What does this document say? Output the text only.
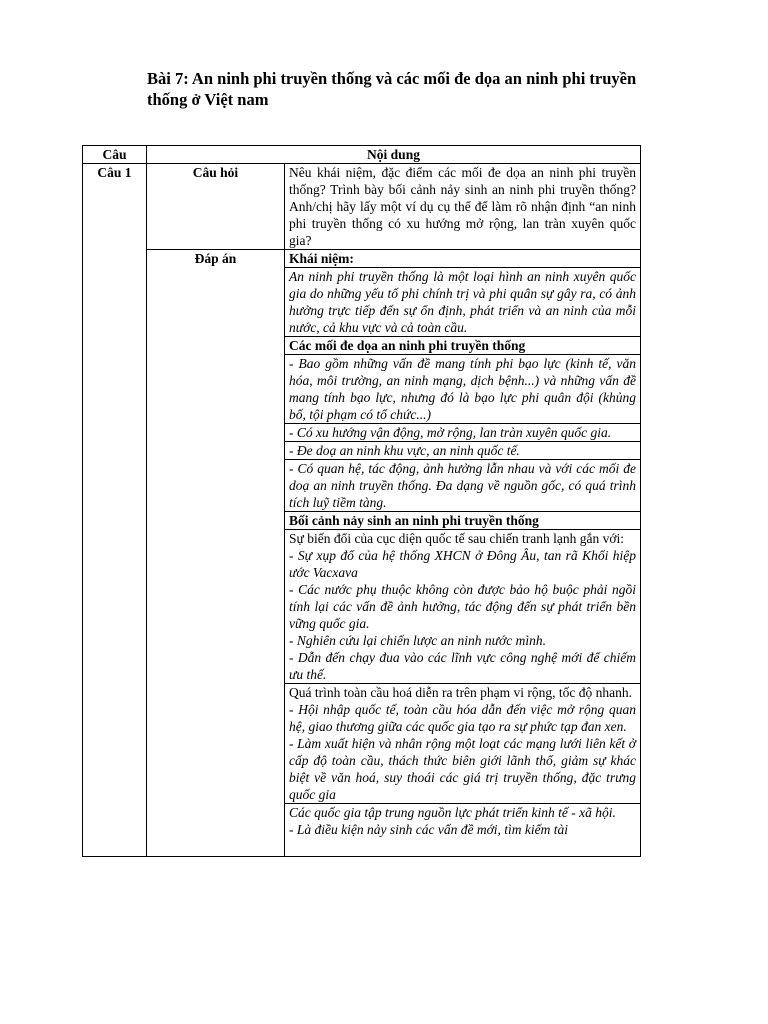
Bài 7: An ninh phi truyền thống và các mối đe dọa an ninh phi truyền thống ở Việt nam
Câu	Nội dung	
Câu 1	Câu hỏi	Nêu khái niệm, đặc điểm các mối đe dọa an ninh phi truyền thống? Trình bày bối cảnh nảy sinh an ninh phi truyền thống? Anh/chị hãy lấy một ví dụ cụ thể để làm rõ nhận định “an ninh phi truyền thống có xu hướng mở rộng, lan tràn xuyên quốc gia?
	Đáp án	Khái niệm:
		An ninh phi truyền thống là một loại hình an ninh xuyên quốc gia do những yếu tố phi chính trị và phi quân sự gây ra, có ảnh hưởng trực tiếp đến sự ổn định, phát triển và an ninh của mỗi nước, cả khu vực và cả toàn cầu.
		Các mối đe dọa an ninh phi truyền thống
		- Bao gồm những vấn đề mang tính phi bạo lực (kinh tế, văn hóa, môi trường, an ninh mạng, dịch bệnh...) và những vấn đề mang tính bạo lực, nhưng đó là bạo lực phi quân đội (khủng bố, tội phạm có tổ chức...)
		- Có xu hướng vận động, mở rộng, lan tràn xuyên quốc gia.
		- Đe doạ an ninh khu vực, an ninh quốc tế.
		- Có quan hệ, tác động, ảnh hưởng lẫn nhau và với các mối đe doạ an ninh truyền thống. Đa dạng về nguồn gốc, có quá trình tích luỹ tiềm tàng.
		Bối cảnh nảy sinh an ninh phi truyền thống

		Sự biến đổi của cục diện quốc tế sau chiến tranh lạnh gắn với:

- Sự xụp đổ của hệ thống XHCN ở Đông Âu, tan rã Khối hiệp ước Vacxava

- Các nước phụ thuộc không còn được bảo hộ buộc phải ngồi tính lại các vấn đề ảnh hưởng, tác động đến sự phát triển bền vững quốc gia.

- Nghiên cứu lại chiến lược an ninh nước mình.

- Dẫn đến chạy đua vào các lĩnh vực công nghệ mới để chiếm ưu thế.

		Quá trình toàn cầu hoá diễn ra trên phạm vi rộng, tốc độ nhanh.

- Hội nhập quốc tế, toàn cầu hóa dẫn đến việc mở rộng quan hệ, giao thương giữa các quốc gia tạo ra sự phức tạp đan xen.

- Làm xuất hiện và nhân rộng một loạt các mạng lưới liên kết ở cấp độ toàn cầu, thách thức biên giới lãnh thổ, giảm sự khác biệt về văn hoá, suy thoái các giá trị truyền thống, đặc trưng quốc gia

		Các quốc gia tập trung nguồn lực phát triển kinh tế - xã hội.

- Là điều kiện nảy sinh các vấn đề mới, tìm kiếm tài
